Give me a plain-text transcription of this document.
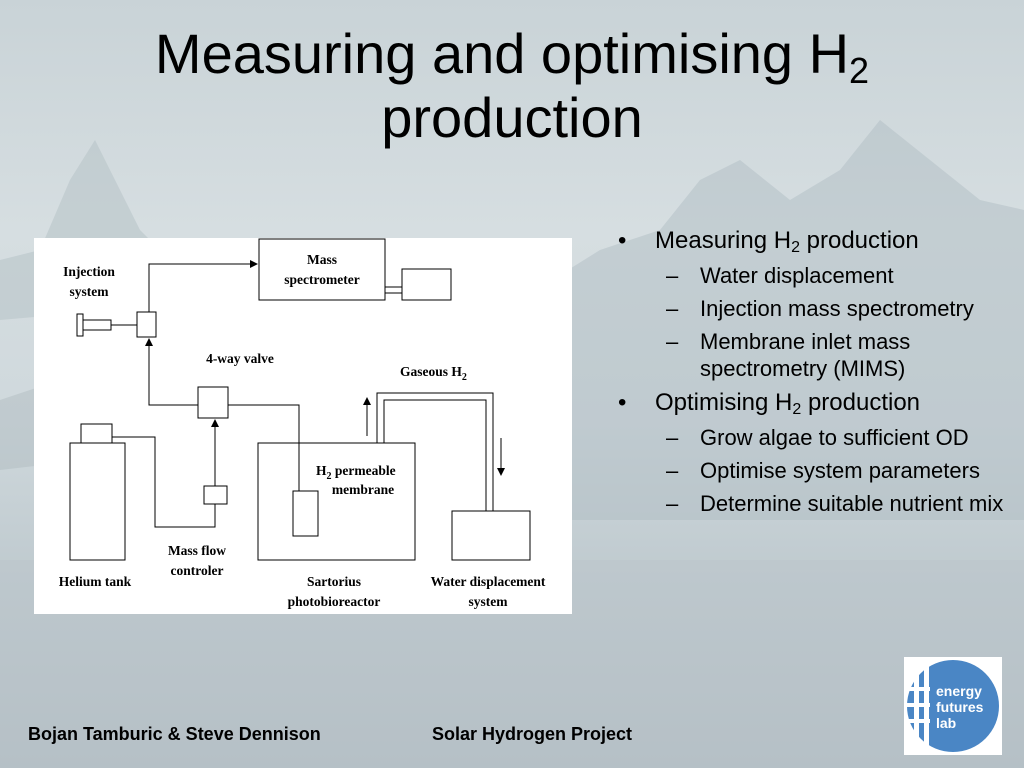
Measuring and optimising $H_2$
production
Injection
system
Mass
spectrometer
4-way valve
Gaseous $H_2$
$H_2$ permeable
membrane
Mass flow
controler
Helium tank	Sartorius
photobioreactor
Water displacement
system
• Measuring $H_2$ production
– Water displacement
– Injection mass spectrometry
– Membrane inlet mass spectrometry (MIMS)
• Optimising $H_2$ production
– Grow algae to sufficient OD
– Optimise system parameters
– Determine suitable nutrient mix
Bojan Tamburic & Steve Dennison	Solar Hydrogen Project
energy
futures
lab
